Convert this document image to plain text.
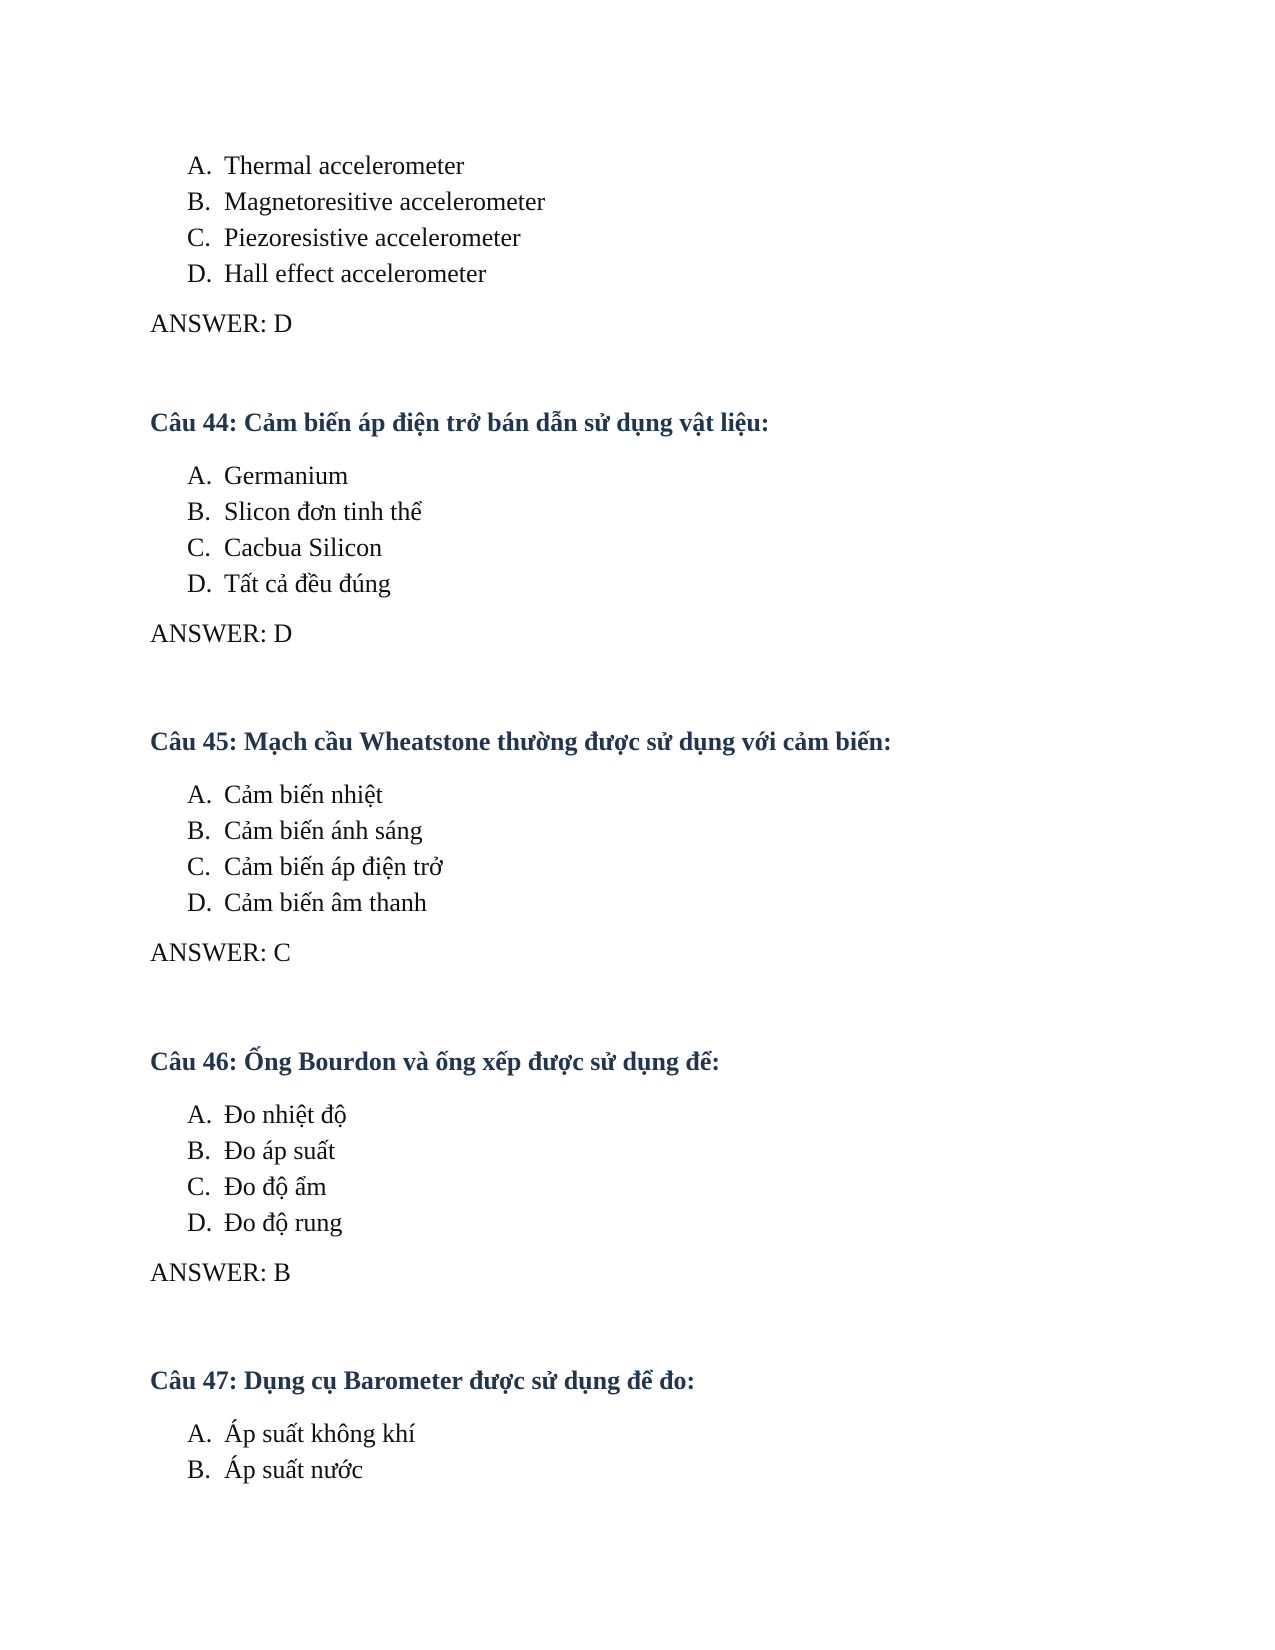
A. Thermal accelerometer
B. Magnetoresitive accelerometer
C. Piezoresistive accelerometer
D. Hall effect accelerometer
ANSWER: D
Câu 44: Cảm biến áp điện trở bán dẫn sử dụng vật liệu:
A. Germanium
B. Slicon đơn tinh thể
C. Cacbua Silicon
D. Tất cả đều đúng
ANSWER: D
Câu 45: Mạch cầu Wheatstone thường được sử dụng với cảm biến:
A. Cảm biến nhiệt
B. Cảm biến ánh sáng
C. Cảm biến áp điện trở
D. Cảm biến âm thanh
ANSWER: C
Câu 46: Ống Bourdon và ống xếp được sử dụng để:
A. Đo nhiệt độ
B. Đo áp suất
C. Đo độ ẩm
D. Đo độ rung
ANSWER: B
Câu 47: Dụng cụ Barometer được sử dụng để đo:
A. Áp suất không khí
B. Áp suất nước
